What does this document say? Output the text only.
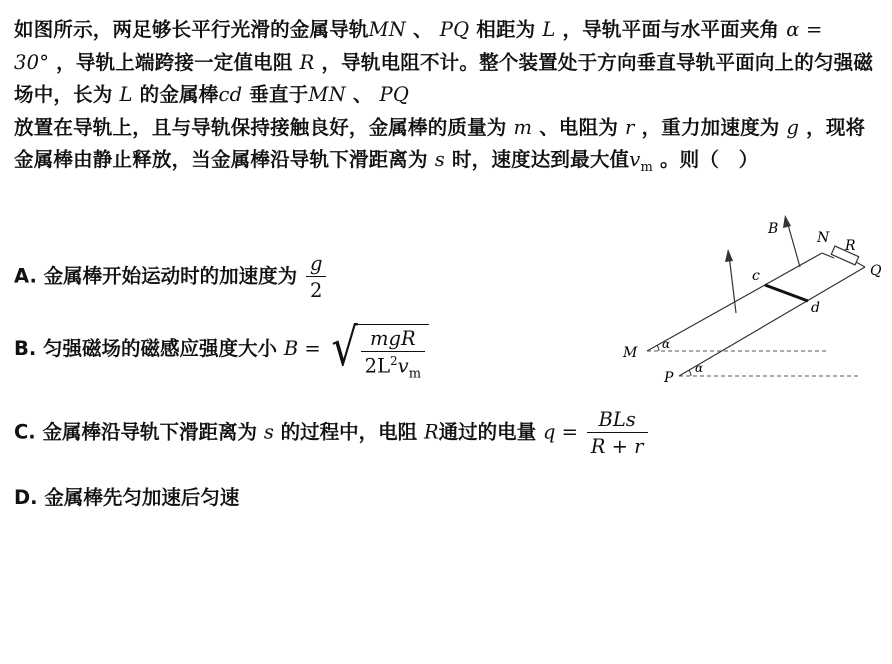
如图所示，两足够长平行光滑的金属导轨MN 、 PQ 相距为 L ，导轨平面与水平面夹角 α = 30° ，导轨上端跨接一定值电阻 R ，导轨电阻不计。整个装置处于方向垂直导轨平面向上的匀强磁场中，长为 L 的金属棒cd 垂直于MN 、 PQ
放置在导轨上，且与导轨保持接触良好，金属棒的质量为 m 、电阻为 r ，重力加速度为 g ，现将金属棒由静止释放，当金属棒沿导轨下滑距离为 s 时，速度达到最大值$v_m$ 。则（　）
A. 金属棒开始运动时的加速度为 $\frac{g}{2}$
B. 匀强磁场的磁感应强度大小 B = √ $\frac{\text{mgR}}{2L^2v_m}$
C. 金属棒沿导轨下滑距离为 s 的过程中，电阻 R通过的电量 $q = \frac{\text{BLs}}{R + r}$
D. 金属棒先匀加速后匀速
B
N R
Q
c
d
M
P
α
α
